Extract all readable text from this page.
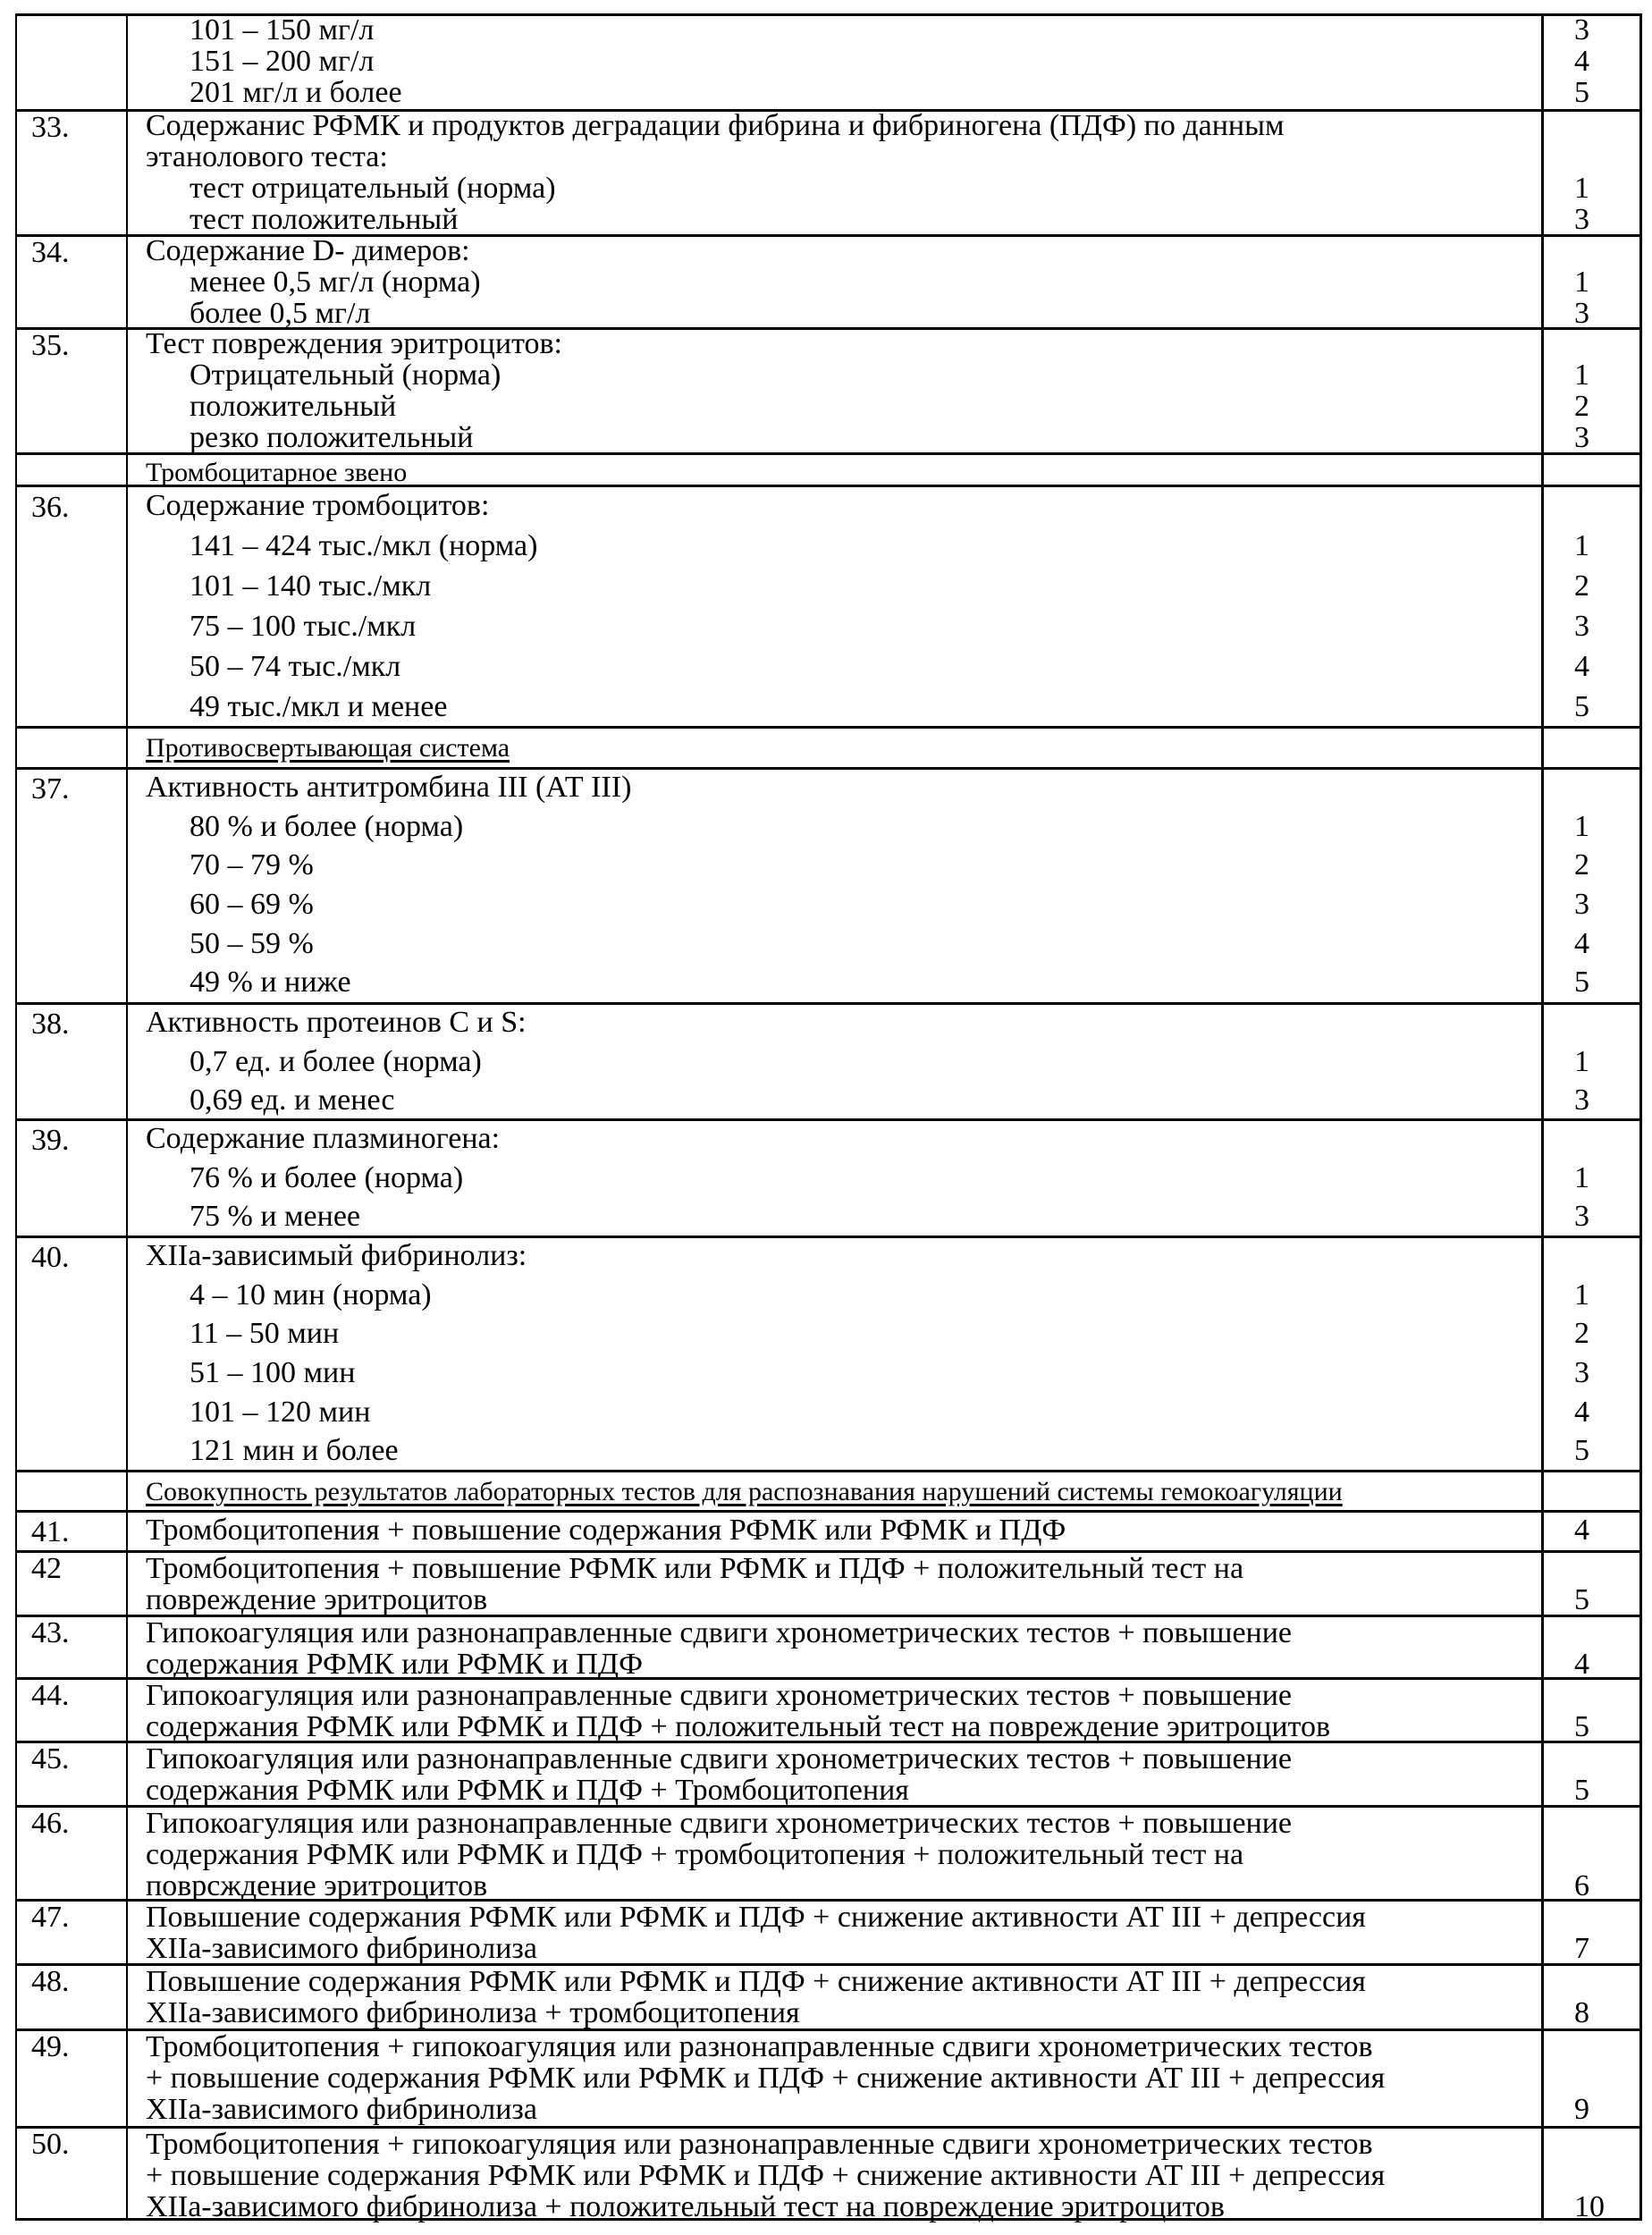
101 – 150 мг/л
151 – 200 мг/л
201 мг/л и более
3
4
5
33.	Содержанис РФМК и продуктов деградации фибрина и фибриногена (ПДФ) по данным
этанолового теста:
тест отрицательный (норма)
тест положительный
1
3
34.	Содержание D- димеров:
менее 0,5 мг/л (норма)
более 0,5 мг/л
1
3
35.	Тест повреждения эритроцитов:
Отрицательный (норма)
положительный
резко положительный
1
2
3
Тромбоцитарное звено
36.	Содержание тромбоцитов:
141 – 424 тыс./мкл (норма)
101 – 140 тыс./мкл
75 – 100 тыс./мкл
50 – 74 тыс./мкл
49 тыс./мкл и менее
1
2
3
4
5
Противосвертывающая система
37.	Активность антитромбина III (АТ III)
80 % и более (норма)
70 – 79 %
60 – 69 %
50 – 59 %
49 % и ниже
1
2
3
4
5
38.	Активность протеинов С и S:
0,7 ед. и более (норма)
0,69 ед. и менес
1
3
39.	Содержание плазминогена:
76 % и более (норма)
75 % и менее
1
3
40.	XIIa-зависимый фибринолиз:
4 – 10 мин (норма)
11 – 50 мин
51 – 100 мин
101 – 120 мин
121 мин и более
1
2
3
4
5
Совокупность результатов лабораторных тестов для распознавания нарушений системы гемокоагуляции
41.	Тромбоцитопения + повышение содержания РФМК или РФМК и ПДФ	4
42	Тромбоцитопения + повышение РФМК или РФМК и ПДФ + положительный тест на
повреждение эритроцитов	5
43.	Гипокоагуляция или разнонаправленные сдвиги хронометрических тестов + повышение
содержания РФМК или РФМК и ПДФ	4
44.	Гипокоагуляция или разнонаправленные сдвиги хронометрических тестов + повышение
содержания РФМК или РФМК и ПДФ + положительный тест на повреждение эритроцитов	5
45.	Гипокоагуляция или разнонаправленные сдвиги хронометрических тестов + повышение
содержания РФМК или РФМК и ПДФ + Тромбоцитопения	5
46.	Гипокоагуляция или разнонаправленные сдвиги хронометрических тестов + повышение
содержания РФМК или РФМК и ПДФ + тромбоцитопения + положительный тест на
поврсждение эритроцитов	6
47.	Повышение содержания РФМК или РФМК и ПДФ + снижение активности АТ III + депрессия
XIIa-зависимого фибринолиза	7
48.	Повышение содержания РФМК или РФМК и ПДФ + снижение активности АТ III + депрессия
XIIa-зависимого фибринолиза + тромбоцитопения	8
49.	Тромбоцитопения + гипокоагуляция или разнонаправленные сдвиги хронометрических тестов
+ повышение содержания РФМК или РФМК и ПДФ + снижение активности АТ III + депрессия
XIIa-зависимого фибринолиза	9
50.	Тромбоцитопения + гипокоагуляция или разнонаправленные сдвиги хронометрических тестов
+ повышение содержания РФМК или РФМК и ПДФ + снижение активности АТ III + депрессия
XIIa-зависимого фибринолиза + положительный тест на повреждение эритроцитов	10
